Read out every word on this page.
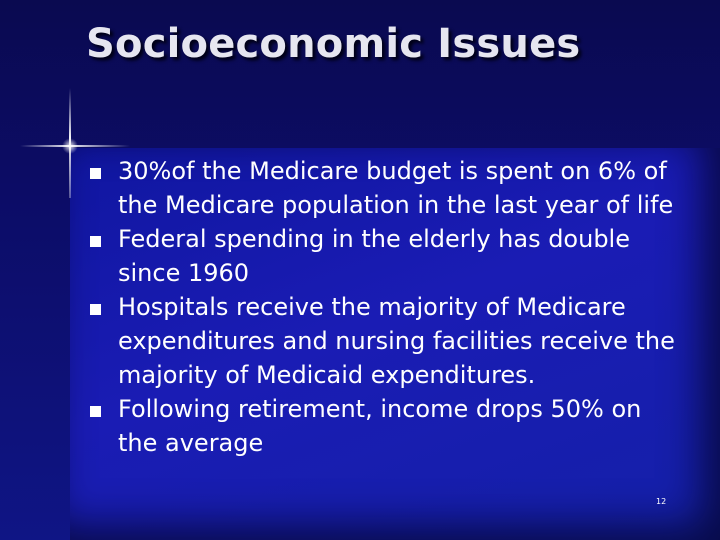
Socioeconomic Issues
30%of the Medicare budget is spent on 6% of the Medicare population in the last year of life
Federal spending in the elderly has double since 1960
Hospitals receive the majority of Medicare expenditures and nursing facilities receive the majority of Medicaid expenditures.
Following retirement, income drops 50% on the average
12
